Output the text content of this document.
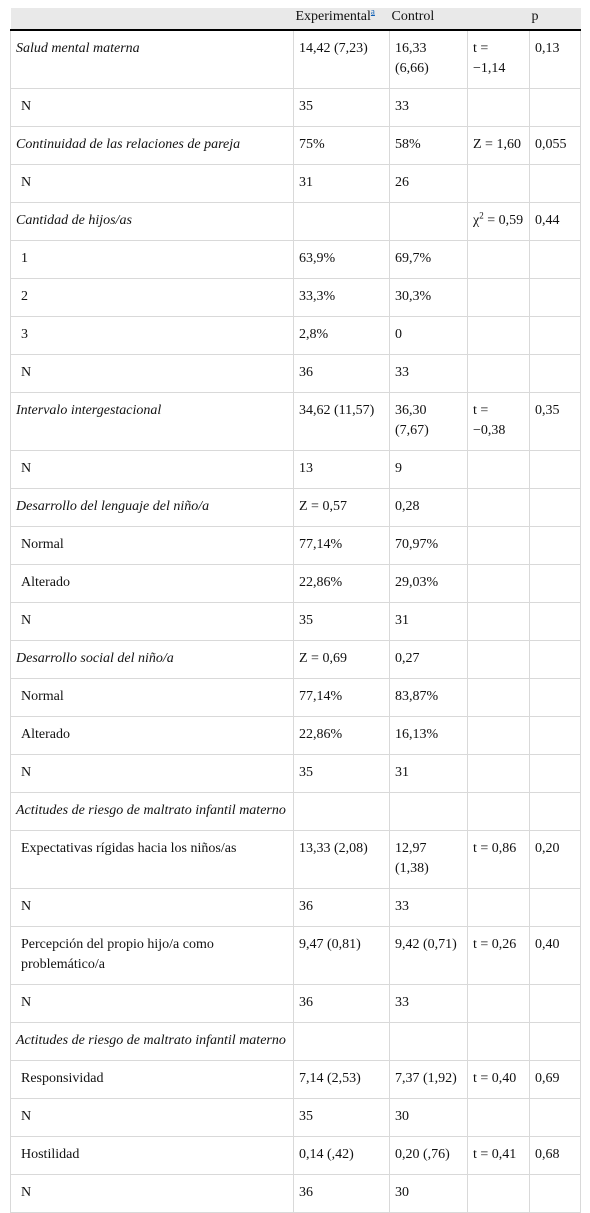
	Experimental$^a$	Control		p
Salud mental materna	14,42 (7,23)	16,33 (6,66)	t = −1,14	0,13
N	35	33		
Continuidad de las relaciones de pareja	75%	58%	Z = 1,60	0,055
N	31	26		
Cantidad de hijos/as			$\chi^2 = 0,59$	0,44
1	63,9%	69,7%		
2	33,3%	30,3%		
3	2,8%	0		
N	36	33		
Intervalo intergestacional	34,62 (11,57)	36,30 (7,67)	t = −0,38	0,35
N	13	9		
Desarrollo del lenguaje del niño/a	Z = 0,57	0,28		
Normal	77,14%	70,97%		
Alterado	22,86%	29,03%		
N	35	31		
Desarrollo social del niño/a	Z = 0,69	0,27		
Normal	77,14%	83,87%		
Alterado	22,86%	16,13%		
N	35	31		
Actitudes de riesgo de maltrato infantil materno				
Expectativas rígidas hacia los niños/as	13,33 (2,08)	12,97 (1,38)	t = 0,86	0,20
N	36	33		
Percepción del propio hijo/a como problemático/a	9,47 (0,81)	9,42 (0,71)	t = 0,26	0,40
N	36	33		
Actitudes de riesgo de maltrato infantil materno				
Responsividad	7,14 (2,53)	7,37 (1,92)	t = 0,40	0,69
N	35	30		
Hostilidad	0,14 (,42)	0,20 (,76)	t = 0,41	0,68
N	36	30		
